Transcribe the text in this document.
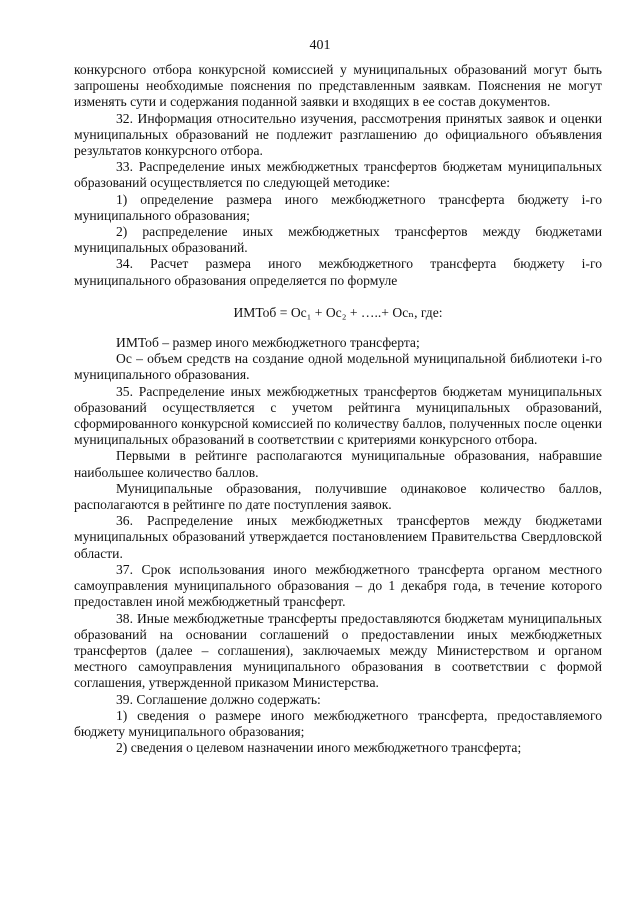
401

конкурсного отбора конкурсной комиссией у муниципальных образований могут быть запрошены необходимые пояснения по представленным заявкам. Пояснения не могут изменять сути и содержания поданной заявки и входящих в ее состав документов.

32. Информация относительно изучения, рассмотрения принятых заявок и оценки муниципальных образований не подлежит разглашению до официального объявления результатов конкурсного отбора.

33. Распределение иных межбюджетных трансфертов бюджетам муниципальных образований осуществляется по следующей методике:

1) определение размера иного межбюджетного трансферта бюджету i-го муниципального образования;

2) распределение иных межбюджетных трансфертов между бюджетами муниципальных образований.

34. Расчет размера иного межбюджетного трансферта бюджету i-го муниципального образования определяется по формуле

ИМТоб = Ос₁ + Ос₂ + …..+ Осₙ, где:

ИМТоб – размер иного межбюджетного трансферта;

Ос – объем средств на создание одной модельной муниципальной библиотеки i-го муниципального образования.

35. Распределение иных межбюджетных трансфертов бюджетам муниципальных образований осуществляется с учетом рейтинга муниципальных образований, сформированного конкурсной комиссией по количеству баллов, полученных после оценки муниципальных образований в соответствии с критериями конкурсного отбора.

Первыми в рейтинге располагаются муниципальные образования, набравшие наибольшее количество баллов.

Муниципальные образования, получившие одинаковое количество баллов, располагаются в рейтинге по дате поступления заявок.

36. Распределение иных межбюджетных трансфертов между бюджетами муниципальных образований утверждается постановлением Правительства Свердловской области.

37. Срок использования иного межбюджетного трансферта органом местного самоуправления муниципального образования – до 1 декабря года, в течение которого предоставлен иной межбюджетный трансферт.

38. Иные межбюджетные трансферты предоставляются бюджетам муниципальных образований на основании соглашений о предоставлении иных межбюджетных трансфертов (далее – соглашения), заключаемых между Министерством и органом местного самоуправления муниципального образования в соответствии с формой соглашения, утвержденной приказом Министерства.

39. Соглашение должно содержать:

1) сведения о размере иного межбюджетного трансферта, предоставляемого бюджету муниципального образования;

2) сведения о целевом назначении иного межбюджетного трансферта;
